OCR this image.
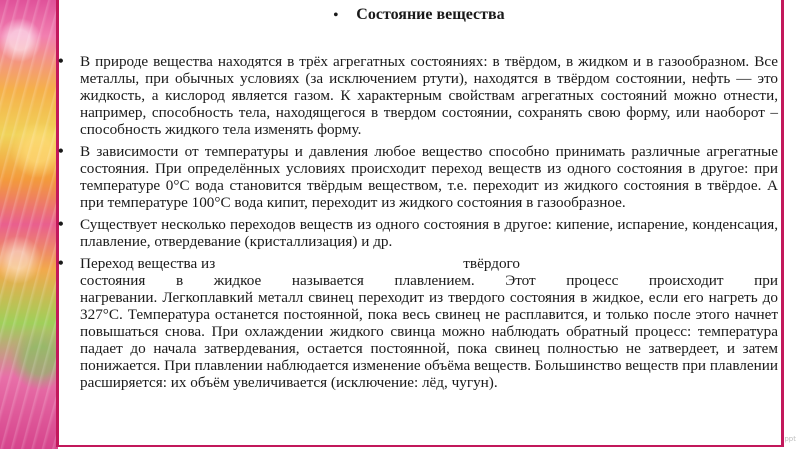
• Состояние вещества
• В природе вещества находятся в трёх агрегатных состояниях: в твёрдом, в жидком и в газообразном. Все металлы, при обычных условиях (за исключением ртути), находятся в твёрдом состоянии, нефть — это жидкость, а кислород является газом. К характерным свойствам агрегатных состояний можно отнести, например, способность тела, находящегося в твердом состоянии, сохранять свою форму, или наоборот – способность жидкого тела изменять форму.
• В зависимости от температуры и давления любое вещество способно принимать различные агрегатные состояния. При определённых условиях происходит переход веществ из одного состояния в другое: при температуре 0°С вода становится твёрдым веществом, т.е. переходит из жидкого состояния в твёрдое. А при температуре 100°С вода кипит, переходит из жидкого состояния в газообразное.
• Существует несколько переходов веществ из одного состояния в другое: кипение, испарение, конденсация, плавление, отвердевание (кристаллизация) и др.
• Переход вещества из	твёрдого
состояния в жидкое называется плавлением. Этот процесс происходит при
нагревании. Легкоплавкий металл свинец переходит из твердого состояния в жидкое, если его нагреть до 327°С. Температура останется постоянной, пока весь свинец не расплавится, и только после этого начнет повышаться снова. При охлаждении жидкого свинца можно наблюдать обратный процесс: температура падает до начала затвердевания, остается постоянной, пока свинец полностью не затвердеет, и затем понижается. При плавлении наблюдается изменение объёма веществ. Большинство веществ при плавлении расширяется: их объём увеличивается (исключение: лёд, чугун).
ppt
